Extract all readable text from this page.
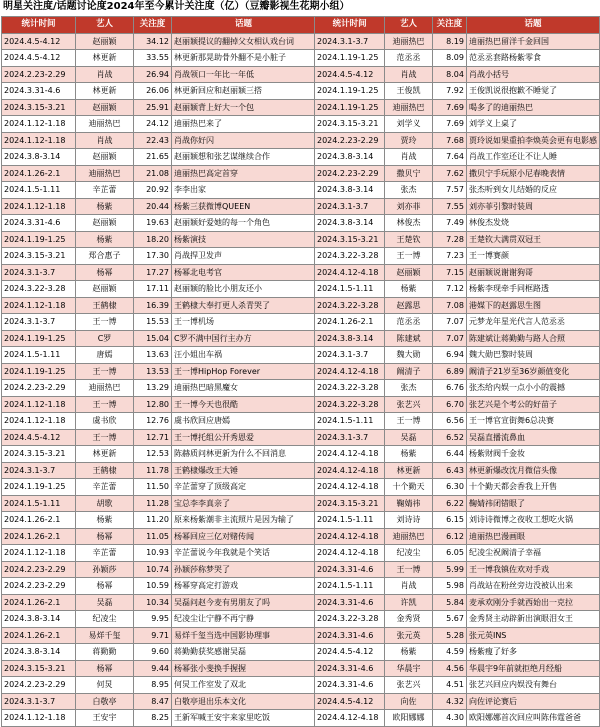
明星关注度/话题讨论度2024年至今累计关注度（亿）（豆瓣影视生花期小组）
统计时间	艺人	关注度	话题
2024.4.5-4.12	赵丽颖	34.12	赵丽颖提议的翻掉父女相认戏台词
2024.4.5-4.12	林更新	33.55	林更新那晃助骨外翻不是小脏子
2024.2.23-2.29	肖战	26.94	肖战领口一年比一年低
2024.3.31-4.6	林更新	26.06	林更新回应和赵丽颖三搭
2024.3.15-3.21	赵丽颖	25.91	赵丽颖背上好大一个包
2024.1.12-1.18	迪丽热巴	24.12	迪丽热巴来了
2024.1.12-1.18	肖战	22.43	肖战你好闪
2024.3.8-3.14	赵丽颖	21.65	赵丽颖想和张艺谋继续合作
2024.1.26-2.1	迪丽热巴	21.08	迪丽热巴高定首穿
2024.1.5-1.11	辛芷蕾	20.92	李李出家
2024.1.12-1.18	杨紫	20.44	杨紫三获微博QUEEN
2024.3.31-4.6	赵丽颖	19.63	赵丽颖好爱她的每一个角色
2024.1.19-1.25	杨紫	18.20	杨紫演技
2024.3.15-3.21	郑合惠子	17.30	肖战捍卫发声
2024.3.1-3.7	杨幂	17.27	杨幂北电考官
2024.3.22-3.28	赵丽颖	17.11	赵丽颖的脸比小朋友还小
2024.1.12-1.18	王鹤棣	16.39	王鹤棣大奉打更人杀青哭了
2024.3.1-3.7	王一博	15.53	王一博机场
2024.1.19-1.25	C罗	15.04	C罗不满中国行主办方
2024.1.5-1.11	唐嫣	13.63	汪小姐出车祸
2024.1.19-1.25	王一博	13.53	王一博HipHop Forever
2024.2.23-2.29	迪丽热巴	13.29	迪丽热巴暗黑魔女
2024.1.12-1.18	王一博	12.80	王一博今天也很酷
2024.1.12-1.18	虞书欣	12.76	虞书欣回应唐嫣
2024.4.5-4.12	王一博	12.71	王一博托组公开秀恩爱
2024.3.15-3.21	林更新	12.53	陈赫质问林更新为什么不回消息
2024.3.1-3.7	王鹤棣	11.78	王鹤棣爆改王大锤
2024.1.19-1.25	辛芷蕾	11.50	辛芷蕾穿了顶级高定
2024.1.5-1.11	胡歌	11.28	宝总李李真亲了
2024.1.26-2.1	杨紫	11.20	原来杨紫潮非主流照片是因为输了
2024.1.26-2.1	杨幂	11.05	杨幂回应三亿对赌传闻
2024.1.12-1.18	辛芷蕾	10.93	辛芷蕾说今年我就是个笑话
2024.2.23-2.29	孙颖莎	10.74	孙颖莎称梦哭了
2024.2.23-2.29	杨幂	10.59	杨幂穿高定打游戏
2024.1.26-2.1	吴磊	10.34	吴磊问赵今麦有男朋友了吗
2024.3.8-3.14	纪凌尘	9.95	纪凌尘让宁静不再宁静
2024.1.26-2.1	易烊千玺	9.71	易烊千玺当选中国影协理事
2024.3.8-3.14	蒋勤勤	9.60	蒋勤勤获奖感谢吴磊
2024.3.15-3.21	杨幂	9.44	杨幂张小斐换手握握
2024.2.23-2.29	何炅	8.95	何炅工作室发了双北
2024.3.1-3.7	白敬亭	8.47	白敬亭退出乐本文化
2024.1.12-1.18	王安宇	8.25	王新军喊王安宇来家里吃饭
统计时间	艺人	关注度	话题
2024.3.1-3.7	迪丽热巴	8.19	迪丽热巴留洋千金回国
2024.1.19-1.25	范丞丞	8.09	范丞丞套路杨紫零食
2024.4.5-4.12	肖战	8.04	肖战小括号
2024.1.19-1.25	王俊凯	7.92	王俊凯说很抱歉不睡觉了
2024.1.19-1.25	迪丽热巴	7.69	喝多了的迪丽热巴
2024.3.15-3.21	刘学义	7.69	刘学义上桌了
2024.2.23-2.29	贾玲	7.68	贾玲说如果重拍李焕英会更有电影感
2024.3.8-3.14	肖战	7.64	肖战工作室还让不让人睡
2024.2.23-2.29	撒贝宁	7.62	撒贝宁手玩原小尼春晚表情
2024.3.8-3.14	张杰	7.57	张杰听到女儿结婚的反应
2024.3.1-3.7	刘亦菲	7.55	刘亦菲引黎时装周
2024.3.8-3.14	林俊杰	7.49	林俊杰发烧
2024.3.15-3.21	王楚钦	7.28	王楚钦大满贯双冠王
2024.3.22-3.28	王一博	7.23	王一博赛颜
2024.4.12-4.18	赵丽颖	7.15	赵丽颖说谢谢狗哥
2024.1.5-1.11	杨紫	7.12	杨紫李现牵手同框路透
2024.3.22-3.28	赵露思	7.08	港媒下的赵露思生图
2024.1.26-2.1	范丞丞	7.07	元梦龙年星光代言人范丞丞
2024.3.8-3.14	陈建斌	7.07	陈建斌让蒋勤勤与路人合照
2024.3.1-3.7	魏大勋	6.94	魏大勋巴黎时装周
2024.4.12-4.18	阚清子	6.89	阚清子21岁至36岁颜值变化
2024.3.22-3.28	张杰	6.76	张杰给内娱一点小小的震撼
2024.3.22-3.28	张艺兴	6.70	张艺兴是个考公的好苗子
2024.1.5-1.11	王一博	6.56	王一博官宣街舞6总决赛
2024.3.1-3.7	吴磊	6.52	吴磊直播流鼻血
2024.4.12-4.18	杨紫	6.44	杨紫财阀千金妆
2024.4.12-4.18	林更新	6.43	林更新爆改沈月微信头像
2024.4.12-4.18	十个勤天	6.30	十个勤天都会香我上开售
2024.3.15-3.21	鞠婧祎	6.22	鞠婧祎闭错眼了
2024.1.5-1.11	刘诗诗	6.15	刘诗诗微博之夜收工想吃火锅
2024.4.12-4.18	迪丽热巴	6.12	迪丽热巴漫画眼
2024.4.12-4.18	纪凌尘	6.05	纪凌尘祝阚清子幸福
2024.3.31-4.6	王一博	5.99	王一博我镇佐欢对手戏
2024.1.5-1.11	肖战	5.98	肖战站在粉丝旁边没被认出来
2024.3.31-4.6	许凯	5.84	麦承欢刚分手就西始出一克拉
2024.3.22-3.28	金秀贤	5.67	金秀贤主动辟新出演眼泪女王
2024.3.31-4.6	张元英	5.28	张元英INS
2024.4.5-4.12	杨紫	4.59	杨紫瘦了好多
2024.3.31-4.6	华晨宇	4.56	华晨宇9年前就拒绝月经船
2024.3.31-4.6	张艺兴	4.51	张艺兴回应内娱没有舞台
2024.4.5-4.12	向佐	4.32	向佐评论赛后
2024.4.12-4.18	欧阳娜娜	4.30	欧阳娜娜首次回应叫陈伟霆爸爸
